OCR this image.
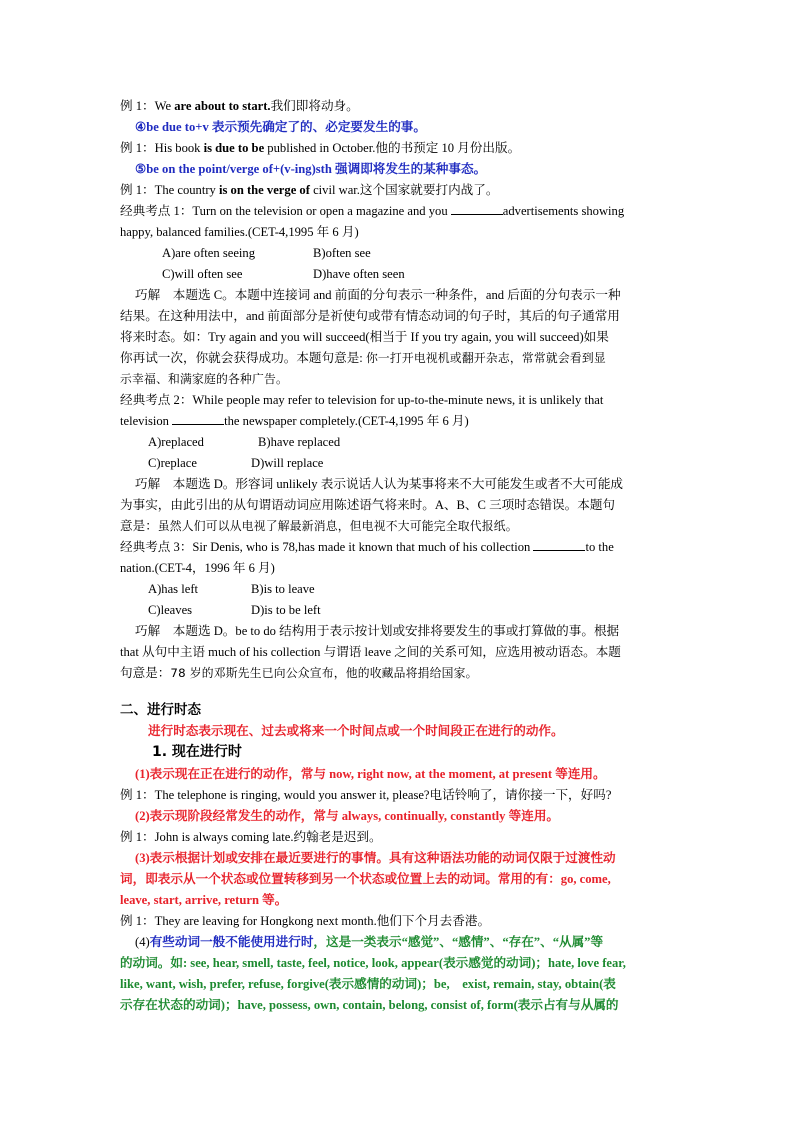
例 1：We are about to start.我们即将动身。
④be due to+v 表示预先确定了的、必定要发生的事。
例 1：His book is due to be published in October.他的书预定 10 月份出版。
⑤be on the point/verge of+(v-ing)sth 强调即将发生的某种事态。
例 1：The country is on the verge of civil war.这个国家就要打内战了。
经典考点 1：Turn on the television or open a magazine and you	advertisements showing
happy, balanced families.(CET-4,1995 年 6 月)
A)are often seeing	B)often see
C)will often see	D)have often seen
巧解　本题选 C。本题中连接词 and 前面的分句表示一种条件，and 后面的分句表示一种
结果。在这种用法中，and 前面部分是祈使句或带有情态动词的句子时，其后的句子通常用
将来时态。如：Try again and you will succeed(相当于 If you try again, you will succeed)如果
你再试一次，你就会获得成功。本题句意是: 你一打开电视机或翻开杂志，常常就会看到显
示幸福、和满家庭的各种广告。
经典考点 2：While people may refer to television for up-to-the-minute news, it is unlikely that
television	the newspaper completely.(CET-4,1995 年 6 月)
A)replaced	B)have replaced
C)replace	D)will replace
巧解　本题选 D。形容词 unlikely 表示说话人认为某事将来不大可能发生或者不大可能成
为事实，由此引出的从句谓语动词应用陈述语气将来时。A、B、C 三项时态错误。本题句
意是：虽然人们可以从电视了解最新消息，但电视不大可能完全取代报纸。
经典考点 3：Sir Denis, who is 78,has made it known that much of his collection	to the
nation.(CET-4，1996 年 6 月)
A)has left	B)is to leave
C)leaves	D)is to be left
巧解　本题选 D。be to do 结构用于表示按计划或安排将要发生的事或打算做的事。根据
that 从句中主语 much of his collection 与谓语 leave 之间的关系可知，应选用被动语态。本题
句意是：78 岁的邓斯先生已向公众宣布，他的收藏品将捐给国家。
二、进行时态
进行时态表示现在、过去或将来一个时间点或一个时间段正在进行的动作。
1. 现在进行时
(1)表示现在正在进行的动作，常与 now, right now, at the moment, at present 等连用。
例 1：The telephone is ringing, would you answer it, please?电话铃响了，请你接一下，好吗?
(2)表示现阶段经常发生的动作，常与 always, continually, constantly 等连用。
例 1：John is always coming late.约翰老是迟到。
(3)表示根据计划或安排在最近要进行的事情。具有这种语法功能的动词仅限于过渡性动
词，即表示从一个状态或位置转移到另一个状态或位置上去的动词。常用的有：go, come,
leave, start, arrive, return 等。
例 1：They are leaving for Hongkong next month.他们下个月去香港。
(4)有些动词一般不能使用进行时，这是一类表示“感觉”、“感情”、“存在”、“从属”等
的动词。如: see, hear, smell, taste, feel, notice, look, appear(表示感觉的动词)；hate, love fear,
like, want, wish, prefer, refuse, forgive(表示感情的动词)；be,　exist, remain, stay, obtain(表
示存在状态的动词)；have, possess, own, contain, belong, consist of, form(表示占有与从属的
